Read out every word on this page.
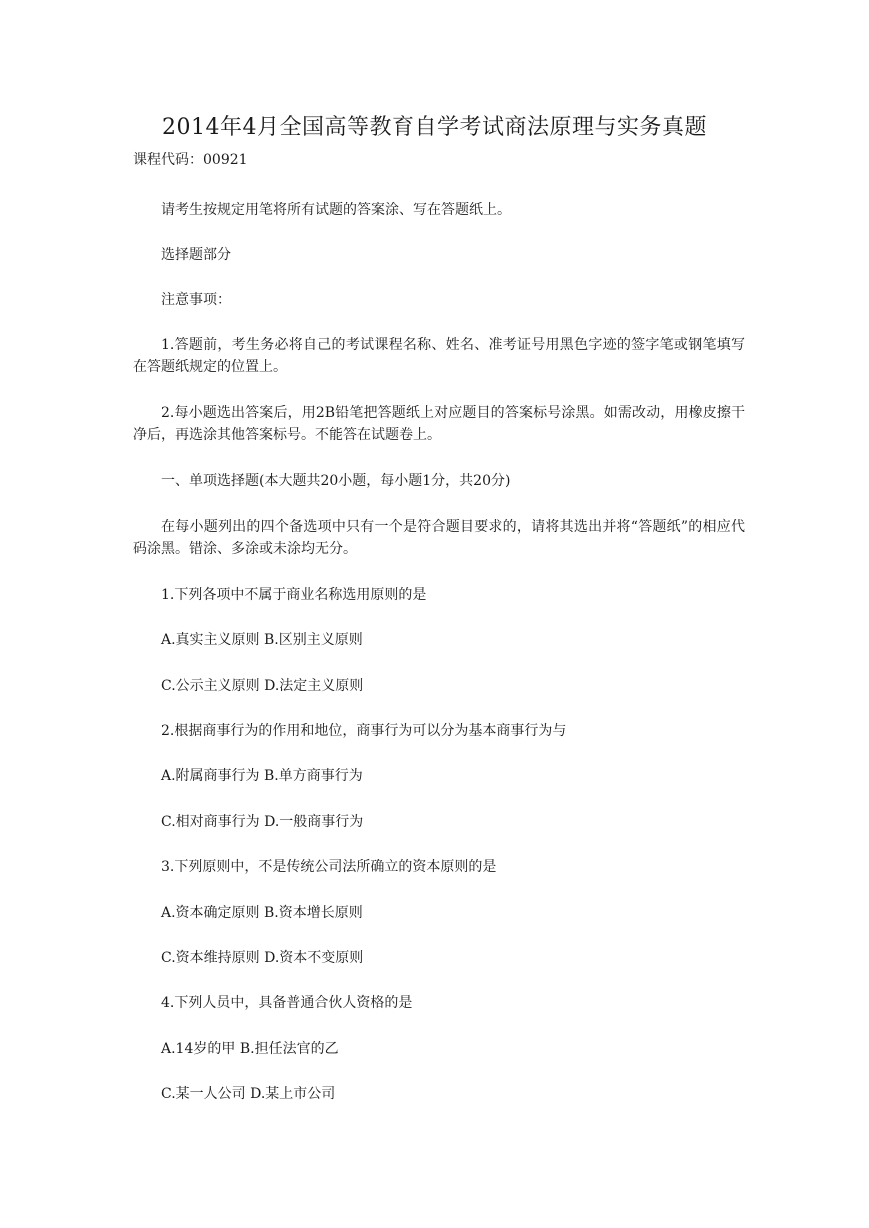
2014年4月全国高等教育自学考试商法原理与实务真题
课程代码：00921

请考生按规定用笔将所有试题的答案涂、写在答题纸上。

选择题部分

注意事项：

1.答题前，考生务必将自己的考试课程名称、姓名、准考证号用黑色字迹的签字笔或钢笔填写在答题纸规定的位置上。

2.每小题选出答案后，用2B铅笔把答题纸上对应题目的答案标号涂黑。如需改动，用橡皮擦干净后，再选涂其他答案标号。不能答在试题卷上。

一、单项选择题(本大题共20小题，每小题1分，共20分)

在每小题列出的四个备选项中只有一个是符合题目要求的，请将其选出并将“答题纸”的相应代码涂黑。错涂、多涂或未涂均无分。

1.下列各项中不属于商业名称选用原则的是

A.真实主义原则 B.区别主义原则

C.公示主义原则 D.法定主义原则

2.根据商事行为的作用和地位，商事行为可以分为基本商事行为与

A.附属商事行为 B.单方商事行为

C.相对商事行为 D.一般商事行为

3.下列原则中，不是传统公司法所确立的资本原则的是

A.资本确定原则 B.资本增长原则

C.资本维持原则 D.资本不变原则

4.下列人员中，具备普通合伙人资格的是

A.14岁的甲 B.担任法官的乙

C.某一人公司 D.某上市公司
